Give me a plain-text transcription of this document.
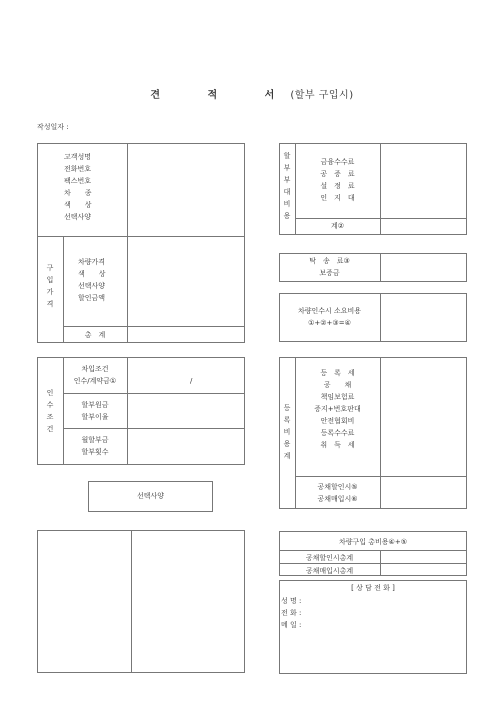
견 적 서 (할부 구입시)
작성일자 :
고객성명
전화번호
팩스번호
차　　종
색　　상
선택사양
구
입
가
격
차량가격
색　　상
선택사양
할인금액
총　계
인
수
조
건
차입조건
인수/계약금①	/
할부원금
할부이율
월할부금
할부횟수
선택사양
할
부
부
대
비
용
금융수수료
공　증　료
설　정　료
인　지　대
계②
탁　송　료③
보증금
차량인수시 소요비용
①+②+③=④
등
록
비
용
계
등　록　세
공　　채
책임보험료
증지+번호판대
안전협회비
등록수수료
취　득　세
공채할인시⑤
공채매입시⑥
차량구입 총비용④+⑤
공채할인시총계
공채매입시총계
[ 상 담 전 화 ]
성 명 :
전 화 :
메 일 :
